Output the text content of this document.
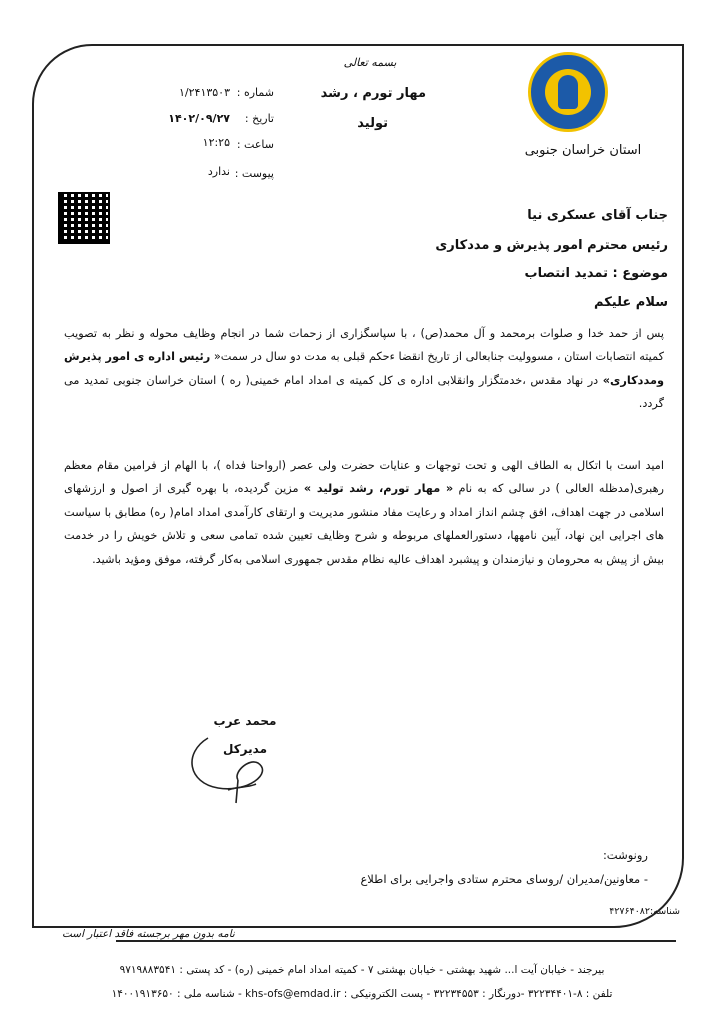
استان خراسان جنوبی
بسمه تعالی
مهار تورم ، رشد
تولید
شماره :
۱/۲۴۱۳۵۰۳
تاریخ :
۱۴۰۲/۰۹/۲۷
ساعت :
۱۲:۲۵
پیوست :
ندارد
جناب آقای عسکری نیا
رئیس محترم امور پذیرش و مددکاری
موضوع : تمدید انتصاب
سلام علیکم
پس از حمد خدا و صلوات برمحمد و آل محمد(ص) ، با سپاسگزاری از زحمات شما در انجام وظایف محوله و نظر به تصویب کمیته انتصابات استان ، مسوولیت جنابعالی از تاریخ انقضا ءحکم قبلی به مدت دو سال در سمت« رئیس اداره ی امور پذیرش ومددکاری» در نهاد مقدس ،خدمتگزار وانقلابی اداره ی کل کمیته ی امداد امام خمینی( ره ) استان خراسان جنوبی تمدید می گردد.
امید است با اتکال به الطاف الهی و تحت توجهات و عنایات حضرت ولی عصر (ارواحنا فداه )، با الهام از فرامین مقام معظم رهبری(مدظله العالی ) در سالی که به نام « مهار تورم، رشد تولید » مزین گردیده، با بهره گیری از اصول و ارزشهای اسلامی در جهت اهداف، افق چشم انداز امداد و رعایت مفاد منشور مدیریت و ارتقای کارآمدی امداد امام( ره) مطابق با سیاست های اجرایی این نهاد، آیین نامهها، دستورالعملهای مربوطه و شرح وظایف تعیین شده تمامی سعی و تلاش خویش را در خدمت بیش از پیش به محرومان و نیازمندان و پیشبرد اهداف عالیه نظام مقدس جمهوری اسلامی به‌کار گرفته، موفق ومؤید باشید.
محمد عرب
مدیرکل
رونوشت:
- معاونین/مدیران /روسای محترم ستادی واجرایی برای اطلاع
شناسه:۴۲۷۶۴۰۸۲
نامه بدون مهر برجسته فاقد اعتبار است
بیرجند - خیابان آیت ا... شهید بهشتی - خیابان بهشتی ۷ - کمیته امداد امام خمینی (ره) - کد پستی : ۹۷۱۹۸۸۳۵۴۱
تلفن : ۸-۳۲۲۳۴۴۰۱ -دورنگار : ۳۲۲۳۴۵۵۳ - پست الکترونیکی : khs-ofs@emdad.ir - شناسه ملی : ۱۴۰۰۱۹۱۳۶۵۰
